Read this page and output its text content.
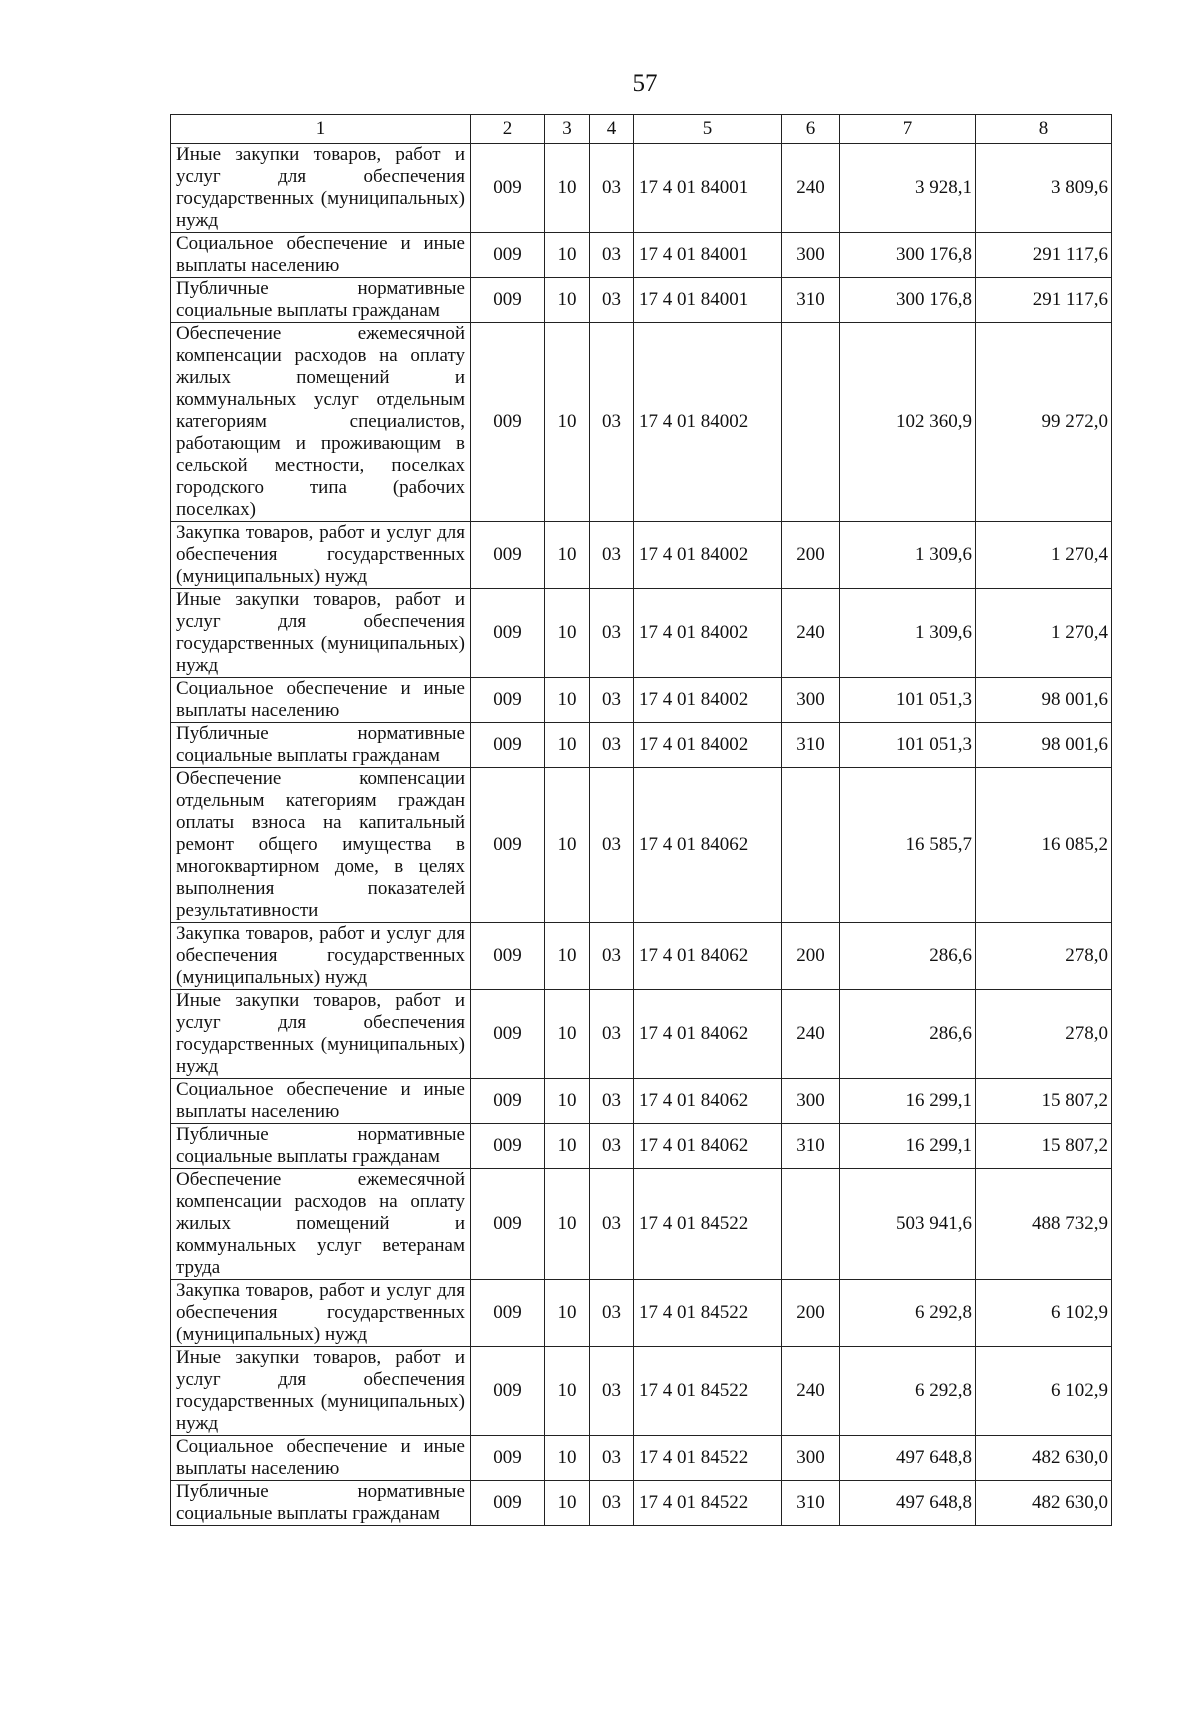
57
1	2	3	4	5	6	7	8
Иные закупки товаров, работ и услуг для обеспечения государственных (муниципальных) нужд	009	10	03	17 4 01 84001	240	3 928,1	3 809,6
Социальное обеспечение и иные выплаты населению	009	10	03	17 4 01 84001	300	300 176,8	291 117,6
Публичные нормативные социальные выплаты гражданам	009	10	03	17 4 01 84001	310	300 176,8	291 117,6
Обеспечение ежемесячной компенсации расходов на оплату жилых помещений и коммунальных услуг отдельным категориям специалистов, работающим и проживающим в сельской местности, поселках городского типа (рабочих поселках)	009	10	03	17 4 01 84002		102 360,9	99 272,0
Закупка товаров, работ и услуг для обеспечения государственных (муниципальных) нужд	009	10	03	17 4 01 84002	200	1 309,6	1 270,4
Иные закупки товаров, работ и услуг для обеспечения государственных (муниципальных) нужд	009	10	03	17 4 01 84002	240	1 309,6	1 270,4
Социальное обеспечение и иные выплаты населению	009	10	03	17 4 01 84002	300	101 051,3	98 001,6
Публичные нормативные социальные выплаты гражданам	009	10	03	17 4 01 84002	310	101 051,3	98 001,6
Обеспечение компенсации отдельным категориям граждан оплаты взноса на капитальный ремонт общего имущества в многоквартирном доме, в целях выполнения показателей результативности	009	10	03	17 4 01 84062		16 585,7	16 085,2
Закупка товаров, работ и услуг для обеспечения государственных (муниципальных) нужд	009	10	03	17 4 01 84062	200	286,6	278,0
Иные закупки товаров, работ и услуг для обеспечения государственных (муниципальных) нужд	009	10	03	17 4 01 84062	240	286,6	278,0
Социальное обеспечение и иные выплаты населению	009	10	03	17 4 01 84062	300	16 299,1	15 807,2
Публичные нормативные социальные выплаты гражданам	009	10	03	17 4 01 84062	310	16 299,1	15 807,2
Обеспечение ежемесячной компенсации расходов на оплату жилых помещений и коммунальных услуг ветеранам труда	009	10	03	17 4 01 84522		503 941,6	488 732,9
Закупка товаров, работ и услуг для обеспечения государственных (муниципальных) нужд	009	10	03	17 4 01 84522	200	6 292,8	6 102,9
Иные закупки товаров, работ и услуг для обеспечения государственных (муниципальных) нужд	009	10	03	17 4 01 84522	240	6 292,8	6 102,9
Социальное обеспечение и иные выплаты населению	009	10	03	17 4 01 84522	300	497 648,8	482 630,0
Публичные нормативные социальные выплаты гражданам	009	10	03	17 4 01 84522	310	497 648,8	482 630,0
